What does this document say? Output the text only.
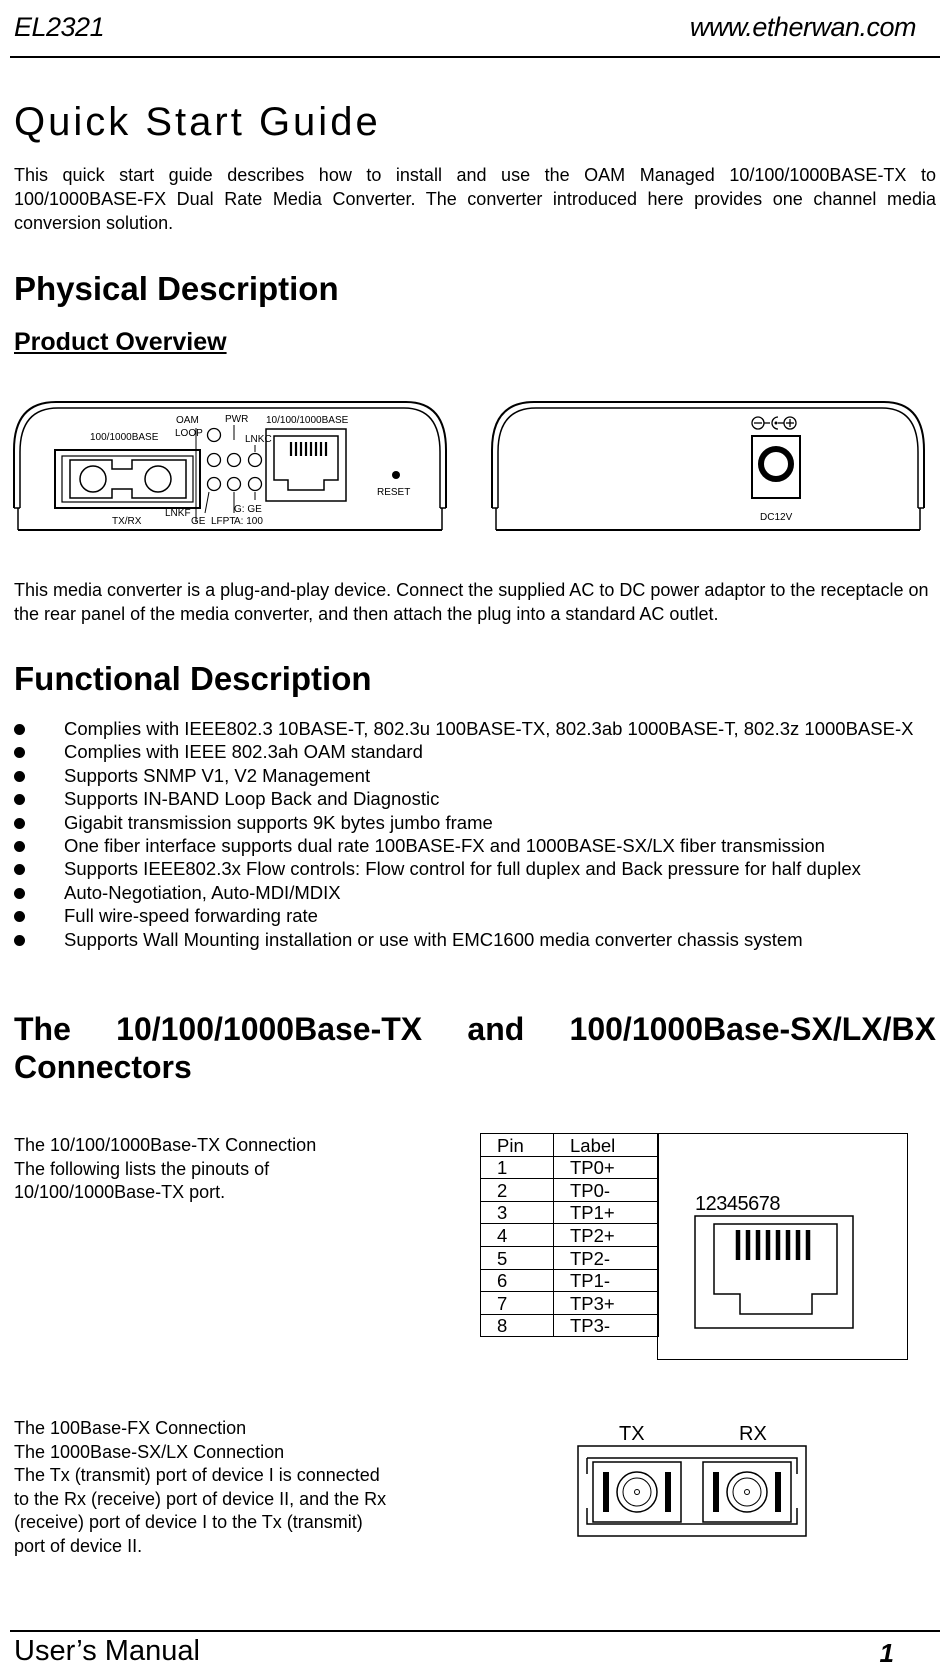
EL2321	www.etherwan.com
Quick Start Guide

This quick start guide describes how to install and use the OAM Managed 10/100/1000BASE-TX to 100/1000BASE-FX Dual Rate Media Converter. The converter introduced here provides one channel media conversion solution.

Physical Description
Product Overview
100/1000BASE
TX/RX
OAM
LOOP
PWR
LNKC
LNKF
GE LFPT
G: GE
A: 100
10/100/1000BASE
RESET
DC12V

This media converter is a plug-and-play device. Connect the supplied AC to DC power adaptor to the receptacle on the rear panel of the media converter, and then attach the plug into a standard AC outlet.

Functional Description
Complies with IEEE802.3 10BASE-T, 802.3u 100BASE-TX, 802.3ab 1000BASE-T, 802.3z 1000BASE-X
Complies with IEEE 802.3ah OAM standard
Supports SNMP V1, V2 Management
Supports IN-BAND Loop Back and Diagnostic
Gigabit transmission supports 9K bytes jumbo frame
One fiber interface supports dual rate 100BASE-FX and 1000BASE-SX/LX fiber transmission
Supports IEEE802.3x Flow controls: Flow control for full duplex and Back pressure for half duplex
Auto-Negotiation, Auto-MDI/MDIX
Full wire-speed forwarding rate
Supports Wall Mounting installation or use with EMC1600 media converter chassis system
The 10/100/1000Base-TX and 100/1000Base-SX/LX/BX
Connectors
The 10/100/1000Base-TX Connection
The following lists the pinouts of
10/100/1000Base-TX port.
Pin	Label
1	TP0+
2	TP0-
3	TP1+
4	TP2+
5	TP2-
6	TP1-
7	TP3+
8	TP3-
12345678
The 100Base-FX Connection
The 1000Base-SX/LX Connection
The Tx (transmit) port of device I is connected
to the Rx (receive) port of device II, and the Rx
(receive) port of device I to the Tx (transmit)
port of device II.
TX	RX
User’s Manual	1
